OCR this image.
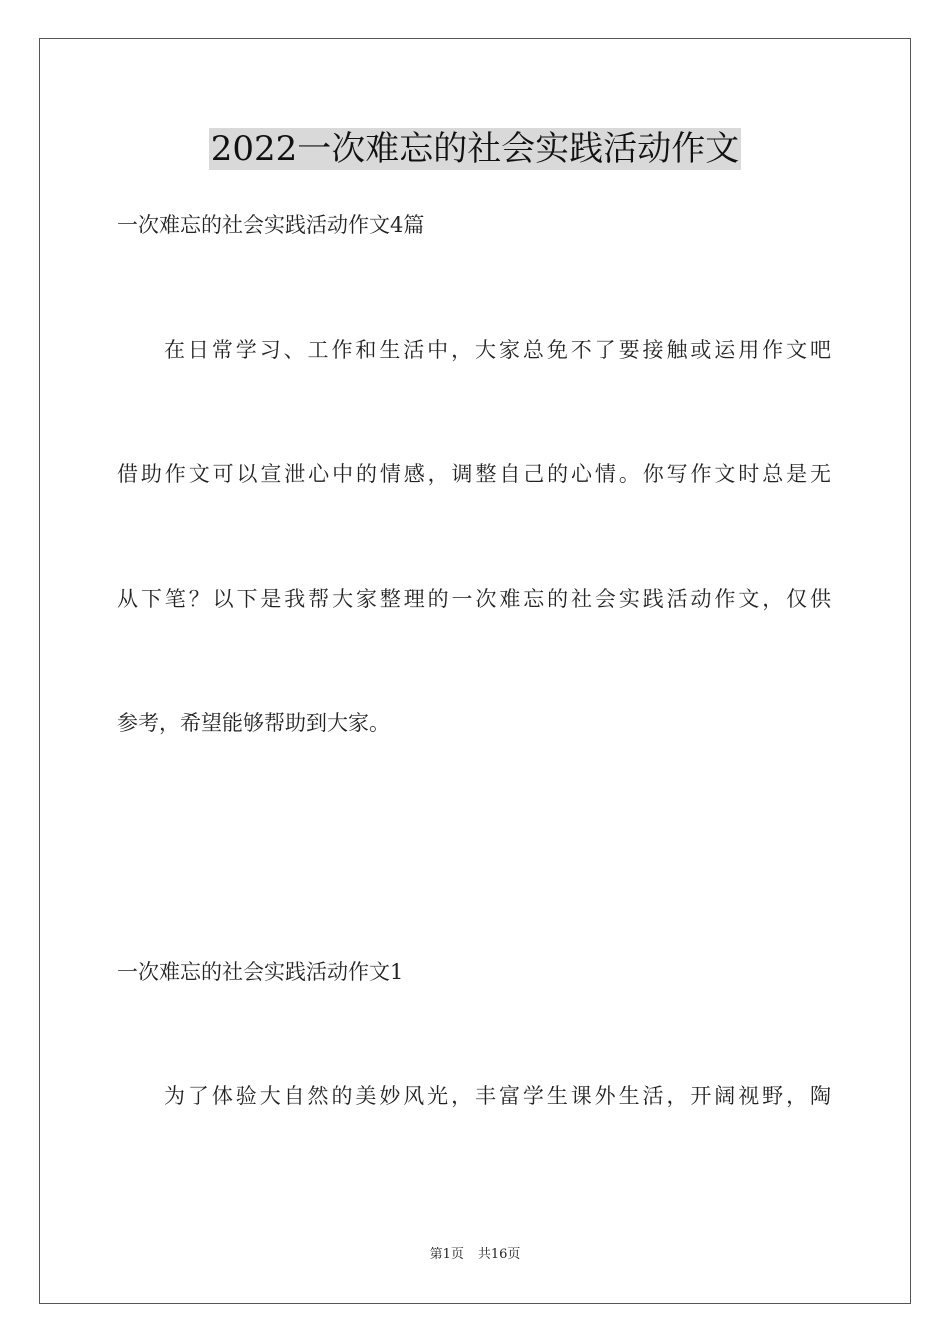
2022一次难忘的社会实践活动作文
一次难忘的社会实践活动作文4篇
在日常学习、工作和生活中，大家总免不了要接触或运用作文吧
借助作文可以宣泄心中的情感，调整自己的心情。你写作文时总是无
从下笔？以下是我帮大家整理的一次难忘的社会实践活动作文，仅供
参考，希望能够帮助到大家。
一次难忘的社会实践活动作文1
为了体验大自然的美妙风光，丰富学生课外生活，开阔视野，陶
第1页 共16页
